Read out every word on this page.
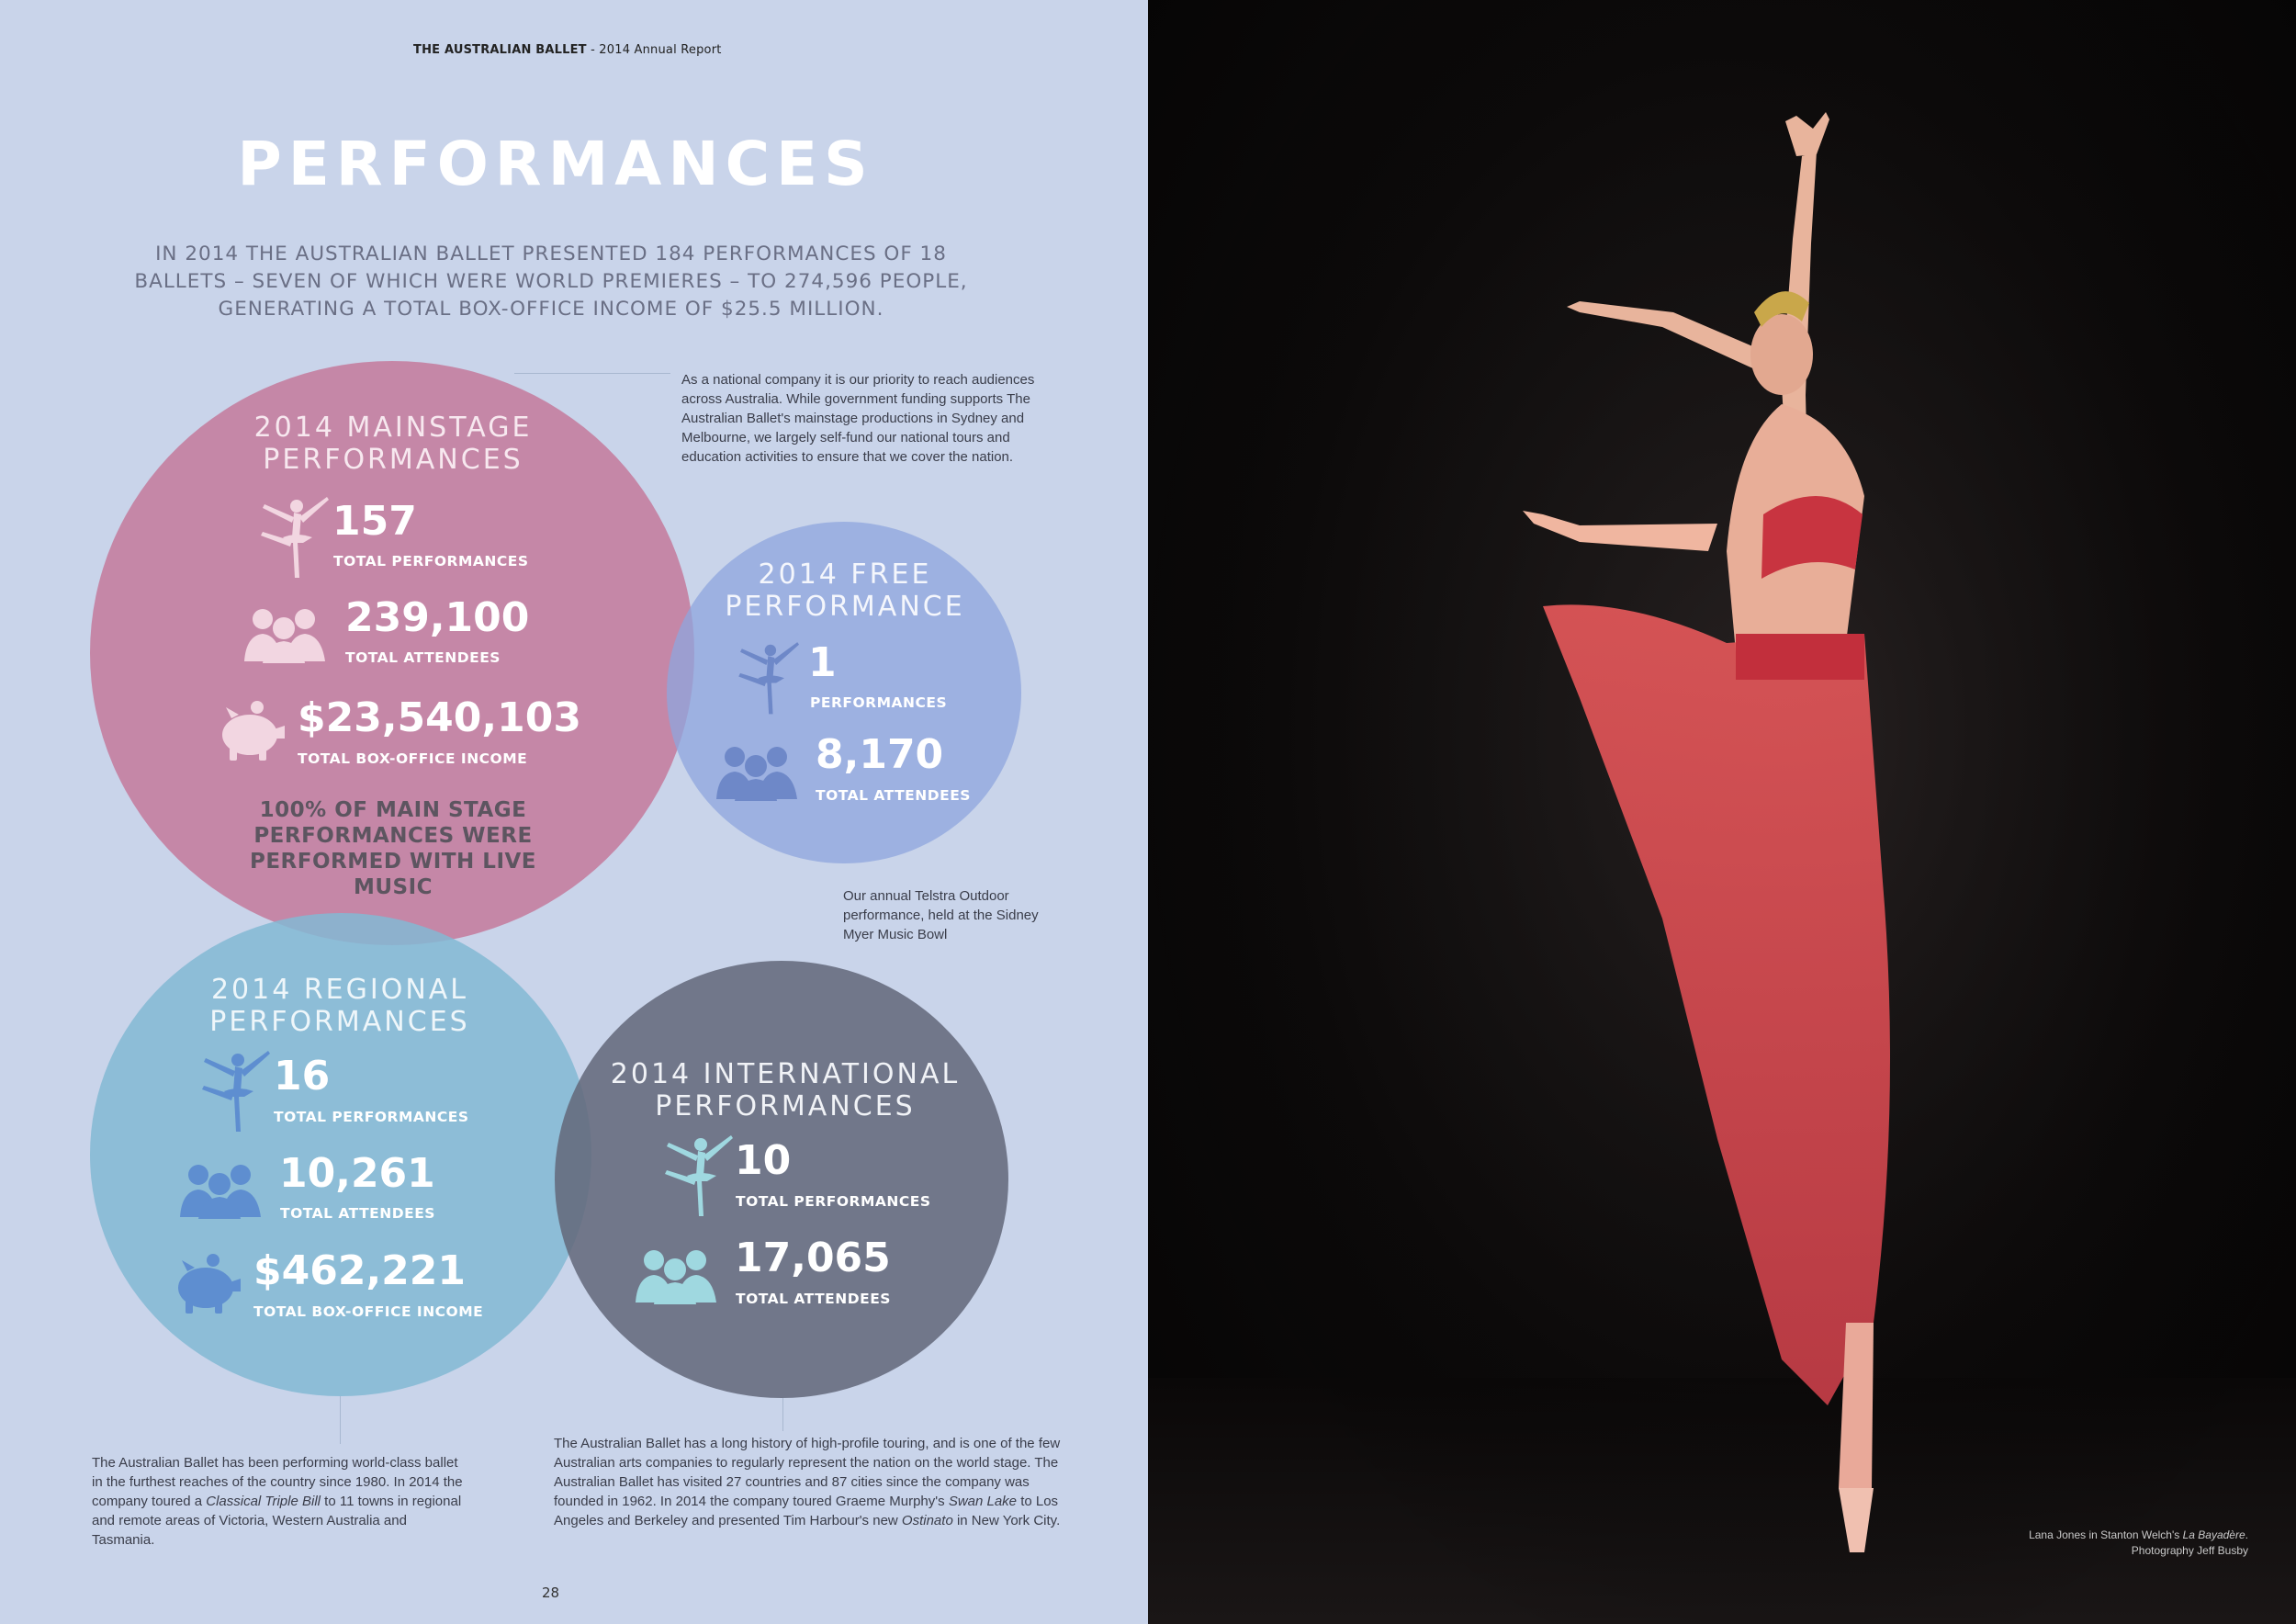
THE AUSTRALIAN BALLET - 2014 Annual Report
PERFORMANCES
IN 2014 THE AUSTRALIAN BALLET PRESENTED 184 PERFORMANCES OF 18 BALLETS – SEVEN OF WHICH WERE WORLD PREMIERES – TO 274,596 PEOPLE, GENERATING A TOTAL BOX-OFFICE INCOME OF $25.5 MILLION.
2014 MAINSTAGE
PERFORMANCES
157
TOTAL PERFORMANCES
239,100
TOTAL ATTENDEES
$23,540,103
TOTAL BOX-OFFICE INCOME
100% OF MAIN STAGE PERFORMANCES WERE PERFORMED WITH LIVE MUSIC
2014 FREE
PERFORMANCE
1
PERFORMANCES
8,170
TOTAL ATTENDEES
2014 REGIONAL
PERFORMANCES
16
TOTAL PERFORMANCES
10,261
TOTAL ATTENDEES
$462,221
TOTAL BOX-OFFICE INCOME
2014 INTERNATIONAL
PERFORMANCES
10
TOTAL PERFORMANCES
17,065
TOTAL ATTENDEES
As a national company it is our priority to reach audiences across Australia. While government funding supports The Australian Ballet's mainstage productions in Sydney and Melbourne, we largely self-fund our national tours and education activities to ensure that we cover the nation.
Our annual Telstra Outdoor performance, held at the Sidney Myer Music Bowl
The Australian Ballet has been performing world-class ballet in the furthest reaches of the country since 1980. In 2014 the company toured a Classical Triple Bill to 11 towns in regional and remote areas of Victoria, Western Australia and Tasmania.
The Australian Ballet has a long history of high-profile touring, and is one of the few Australian arts companies to regularly represent the nation on the world stage. The Australian Ballet has visited 27 countries and 87 cities since the company was founded in 1962. In 2014 the company toured Graeme Murphy's Swan Lake to Los Angeles and Berkeley and presented Tim Harbour's new Ostinato in New York City.
28
Lana Jones in Stanton Welch's La Bayadère.
Photography Jeff Busby
